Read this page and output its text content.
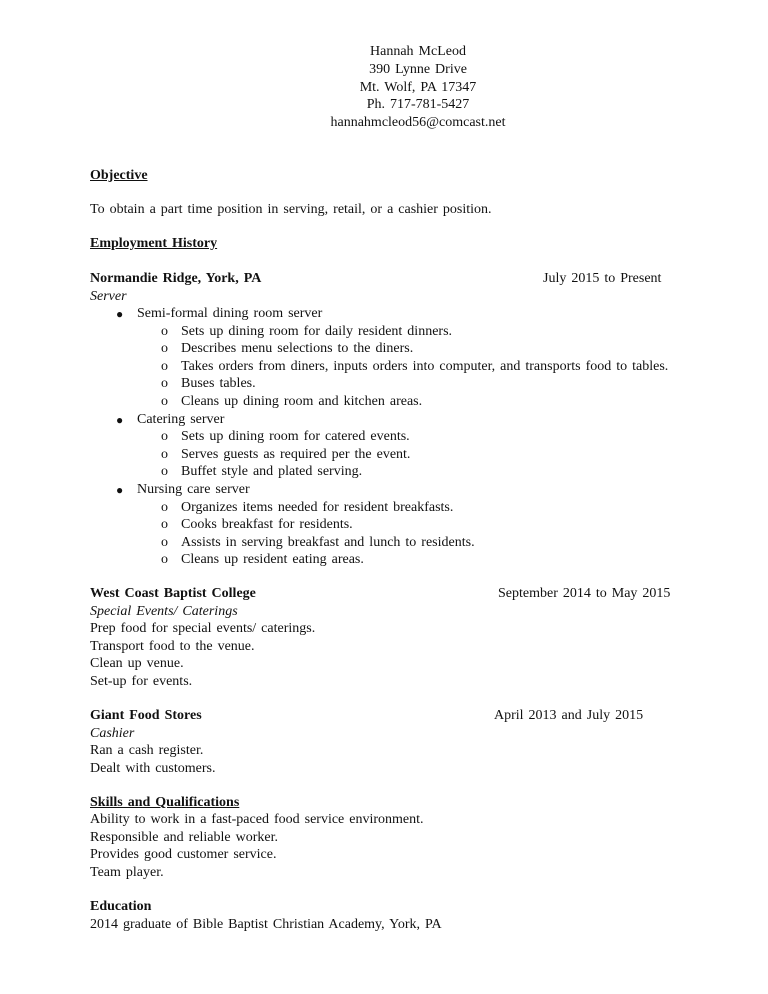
Hannah McLeod
390 Lynne Drive
Mt. Wolf, PA 17347
Ph. 717-781-5427
hannahmcleod56@comcast.net
Objective
To obtain a part time position in serving, retail, or a cashier position.
Employment History
Normandie Ridge, York, PA	July 2015 to Present
Server
● Semi-formal dining room server
o Sets up dining room for daily resident dinners.
o Describes menu selections to the diners.
o Takes orders from diners, inputs orders into computer, and transports food to tables.
o Buses tables.
o Cleans up dining room and kitchen areas.
● Catering server
o Sets up dining room for catered events.
o Serves guests as required per the event.
o Buffet style and plated serving.
● Nursing care server
o Organizes items needed for resident breakfasts.
o Cooks breakfast for residents.
o Assists in serving breakfast and lunch to residents.
o Cleans up resident eating areas.
West Coast Baptist College	September 2014 to May 2015
Special Events/ Caterings
Prep food for special events/ caterings.
Transport food to the venue.
Clean up venue.
Set-up for events.
Giant Food Stores	April 2013 and July 2015
Cashier
Ran a cash register.
Dealt with customers.
Skills and Qualifications
Ability to work in a fast-paced food service environment.
Responsible and reliable worker.
Provides good customer service.
Team player.
Education
2014 graduate of Bible Baptist Christian Academy, York, PA
